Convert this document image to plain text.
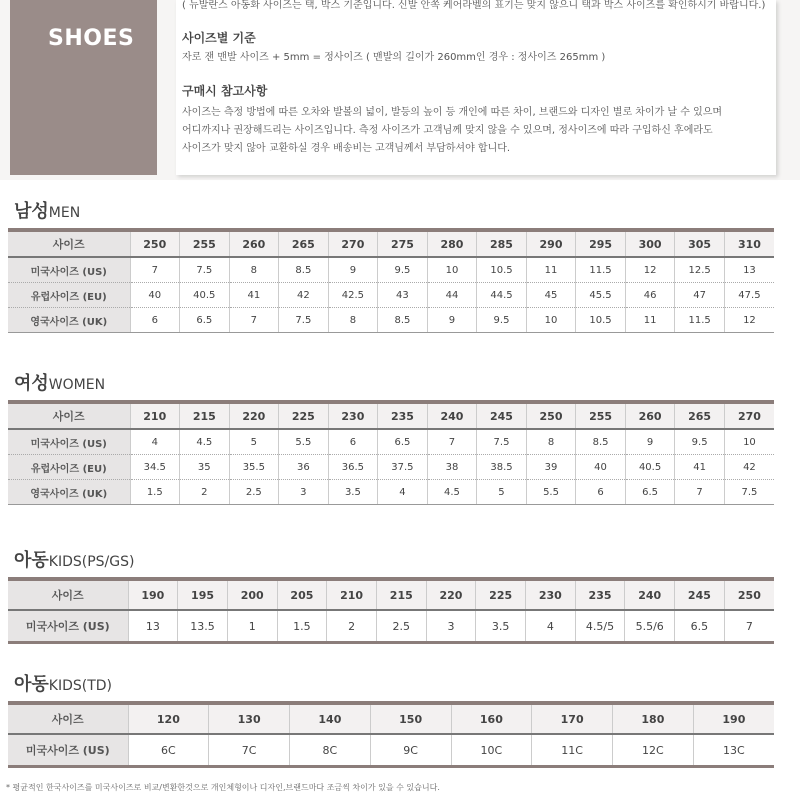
SHOES
( 뉴발란스 아동화 사이즈는 택, 박스 기준입니다. 신발 안쪽 케어라벨의 표기는 맞지 않으니 택과 박스 사이즈를 확인하시기 바랍니다.)
사이즈별 기준
자로 잰 맨발 사이즈 + 5mm = 정사이즈 ( 맨발의 길이가 260mm인 경우 : 정사이즈 265mm )
구매시 참고사항
사이즈는 측정 방법에 따른 오차와 발볼의 넓이, 발등의 높이 등 개인에 따른 차이, 브랜드와 디자인 별로 차이가 날 수 있으며
어디까지나 권장해드리는 사이즈입니다. 측정 사이즈가 고객님께 맞지 않을 수 있으며, 정사이즈에 따라 구입하신 후에라도
사이즈가 맞지 않아 교환하실 경우 배송비는 고객님께서 부담하셔야 합니다.
남성MEN
사이즈	250	255	260	265	270	275	280	285	290	295	300	305	310
미국사이즈 (US)	7	7.5	8	8.5	9	9.5	10	10.5	11	11.5	12	12.5	13
유럽사이즈 (EU)	40	40.5	41	42	42.5	43	44	44.5	45	45.5	46	47	47.5
영국사이즈 (UK)	6	6.5	7	7.5	8	8.5	9	9.5	10	10.5	11	11.5	12
여성WOMEN
사이즈	210	215	220	225	230	235	240	245	250	255	260	265	270
미국사이즈 (US)	4	4.5	5	5.5	6	6.5	7	7.5	8	8.5	9	9.5	10
유럽사이즈 (EU)	34.5	35	35.5	36	36.5	37.5	38	38.5	39	40	40.5	41	42
영국사이즈 (UK)	1.5	2	2.5	3	3.5	4	4.5	5	5.5	6	6.5	7	7.5
아동KIDS(PS/GS)
사이즈	190	195	200	205	210	215	220	225	230	235	240	245	250
미국사이즈 (US)	13	13.5	1	1.5	2	2.5	3	3.5	4	4.5/5	5.5/6	6.5	7
아동KIDS(TD)
사이즈	120	130	140	150	160	170	180	190
미국사이즈 (US)	6C	7C	8C	9C	10C	11C	12C	13C
* 평균적인 한국사이즈를 미국사이즈로 비교/변환한것으로 개인체형이나 디자인,브랜드마다 조금씩 차이가 있을 수 있습니다.
